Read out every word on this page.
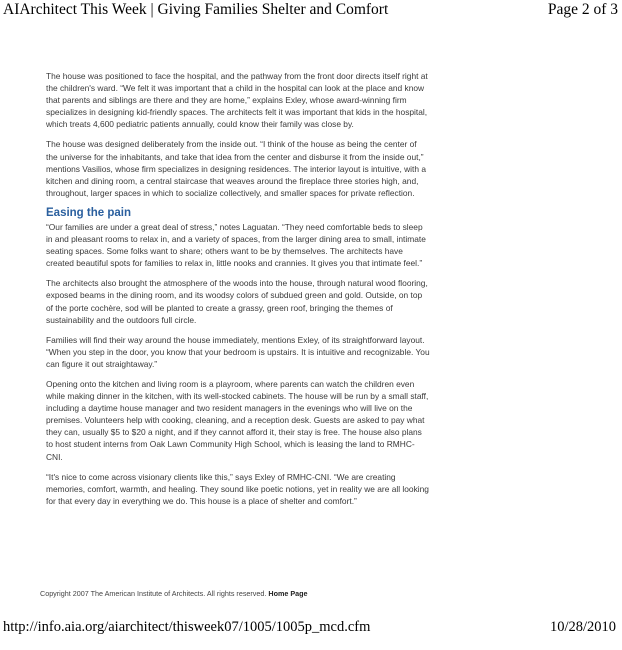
AIArchitect This Week | Giving Families Shelter and Comfort	Page 2 of 3

The house was positioned to face the hospital, and the pathway from the front door directs itself right at the children's ward. “We felt it was important that a child in the hospital can look at the place and know that parents and siblings are there and they are home,” explains Exley, whose award-winning firm specializes in designing kid-friendly spaces. The architects felt it was important that kids in the hospital, which treats 4,600 pediatric patients annually, could know their family was close by.

The house was designed deliberately from the inside out. “I think of the house as being the center of the universe for the inhabitants, and take that idea from the center and disburse it from the inside out,” mentions Vasilios, whose firm specializes in designing residences. The interior layout is intuitive, with a kitchen and dining room, a central staircase that weaves around the fireplace three stories high, and, throughout, larger spaces in which to socialize collectively, and smaller spaces for private reflection.

Easing the pain

“Our families are under a great deal of stress,” notes Laguatan. “They need comfortable beds to sleep in and pleasant rooms to relax in, and a variety of spaces, from the larger dining area to small, intimate seating spaces. Some folks want to share; others want to be by themselves. The architects have created beautiful spots for families to relax in, little nooks and crannies. It gives you that intimate feel.”

The architects also brought the atmosphere of the woods into the house, through natural wood flooring, exposed beams in the dining room, and its woodsy colors of subdued green and gold. Outside, on top of the porte cochère, sod will be planted to create a grassy, green roof, bringing the themes of sustainability and the outdoors full circle.

Families will find their way around the house immediately, mentions Exley, of its straightforward layout. “When you step in the door, you know that your bedroom is upstairs. It is intuitive and recognizable. You can figure it out straightaway.”

Opening onto the kitchen and living room is a playroom, where parents can watch the children even while making dinner in the kitchen, with its well-stocked cabinets. The house will be run by a small staff, including a daytime house manager and two resident managers in the evenings who will live on the premises. Volunteers help with cooking, cleaning, and a reception desk. Guests are asked to pay what they can, usually $5 to $20 a night, and if they cannot afford it, their stay is free. The house also plans to host student interns from Oak Lawn Community High School, which is leasing the land to RMHC-CNI.

“It's nice to come across visionary clients like this,” says Exley of RMHC-CNI. “We are creating memories, comfort, warmth, and healing. They sound like poetic notions, yet in reality we are all looking for that every day in everything we do. This house is a place of shelter and comfort.”

Copyright 2007 The American Institute of Architects. All rights reserved. Home Page
http://info.aia.org/aiarchitect/thisweek07/1005/1005p_mcd.cfm	10/28/2010
